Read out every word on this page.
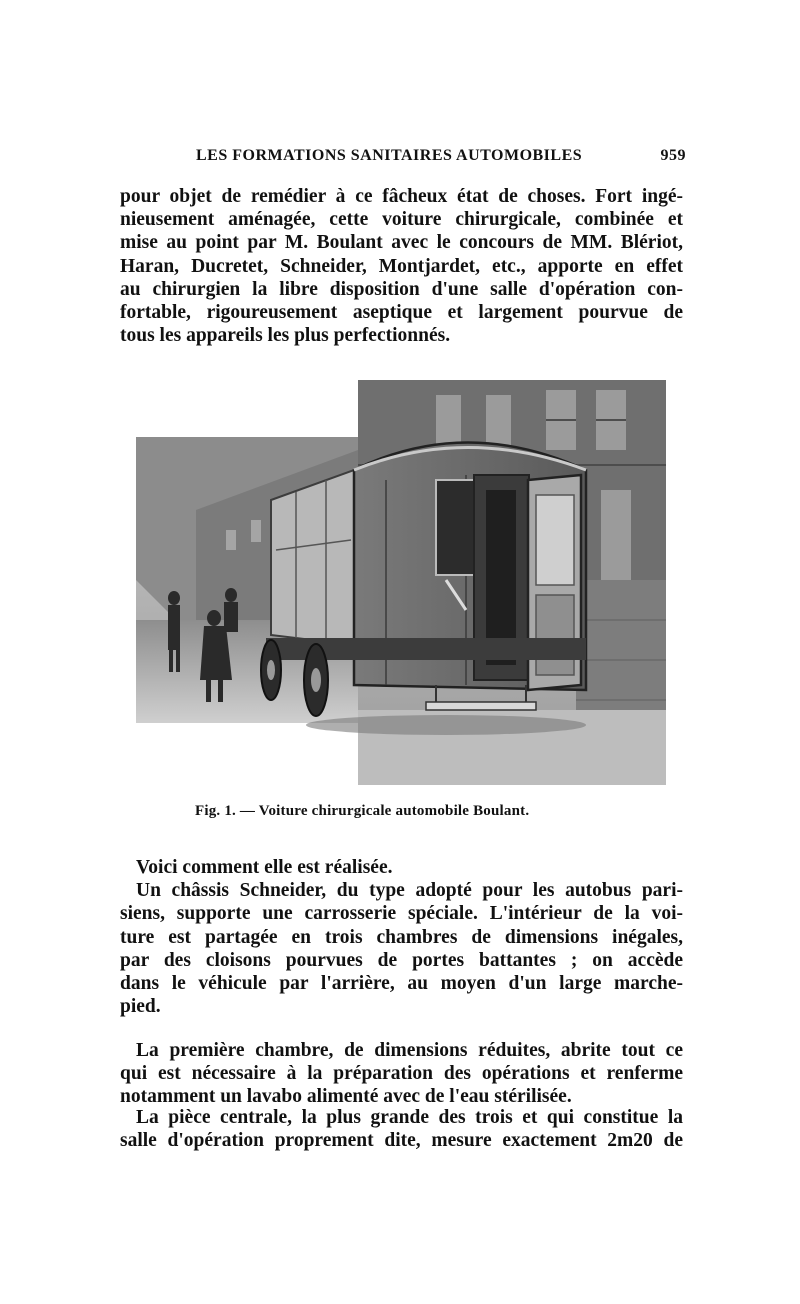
LES FORMATIONS SANITAIRES AUTOMOBILES	959
pour objet de remédier à ce fâcheux état de choses. Fort ingé-
nieusement aménagée, cette voiture chirurgicale, combinée et
mise au point par M. Boulant avec le concours de MM. Blériot,
Haran, Ducretet, Schneider, Montjardet, etc., apporte en effet
au chirurgien la libre disposition d'une salle d'opération con-
fortable, rigoureusement aseptique et largement pourvue de
tous les appareils les plus perfectionnés.
Fig. 1. — Voiture chirurgicale automobile Boulant.
Voici comment elle est réalisée.
Un châssis Schneider, du type adopté pour les autobus pari-
siens, supporte une carrosserie spéciale. L'intérieur de la voi-
ture est partagée en trois chambres de dimensions inégales,
par des cloisons pourvues de portes battantes ; on accède
dans le véhicule par l'arrière, au moyen d'un large marche-
pied.
La première chambre, de dimensions réduites, abrite tout ce
qui est nécessaire à la préparation des opérations et renferme
notamment un lavabo alimenté avec de l'eau stérilisée.
La pièce centrale, la plus grande des trois et qui constitue la
salle d'opération proprement dite, mesure exactement 2m20 de
